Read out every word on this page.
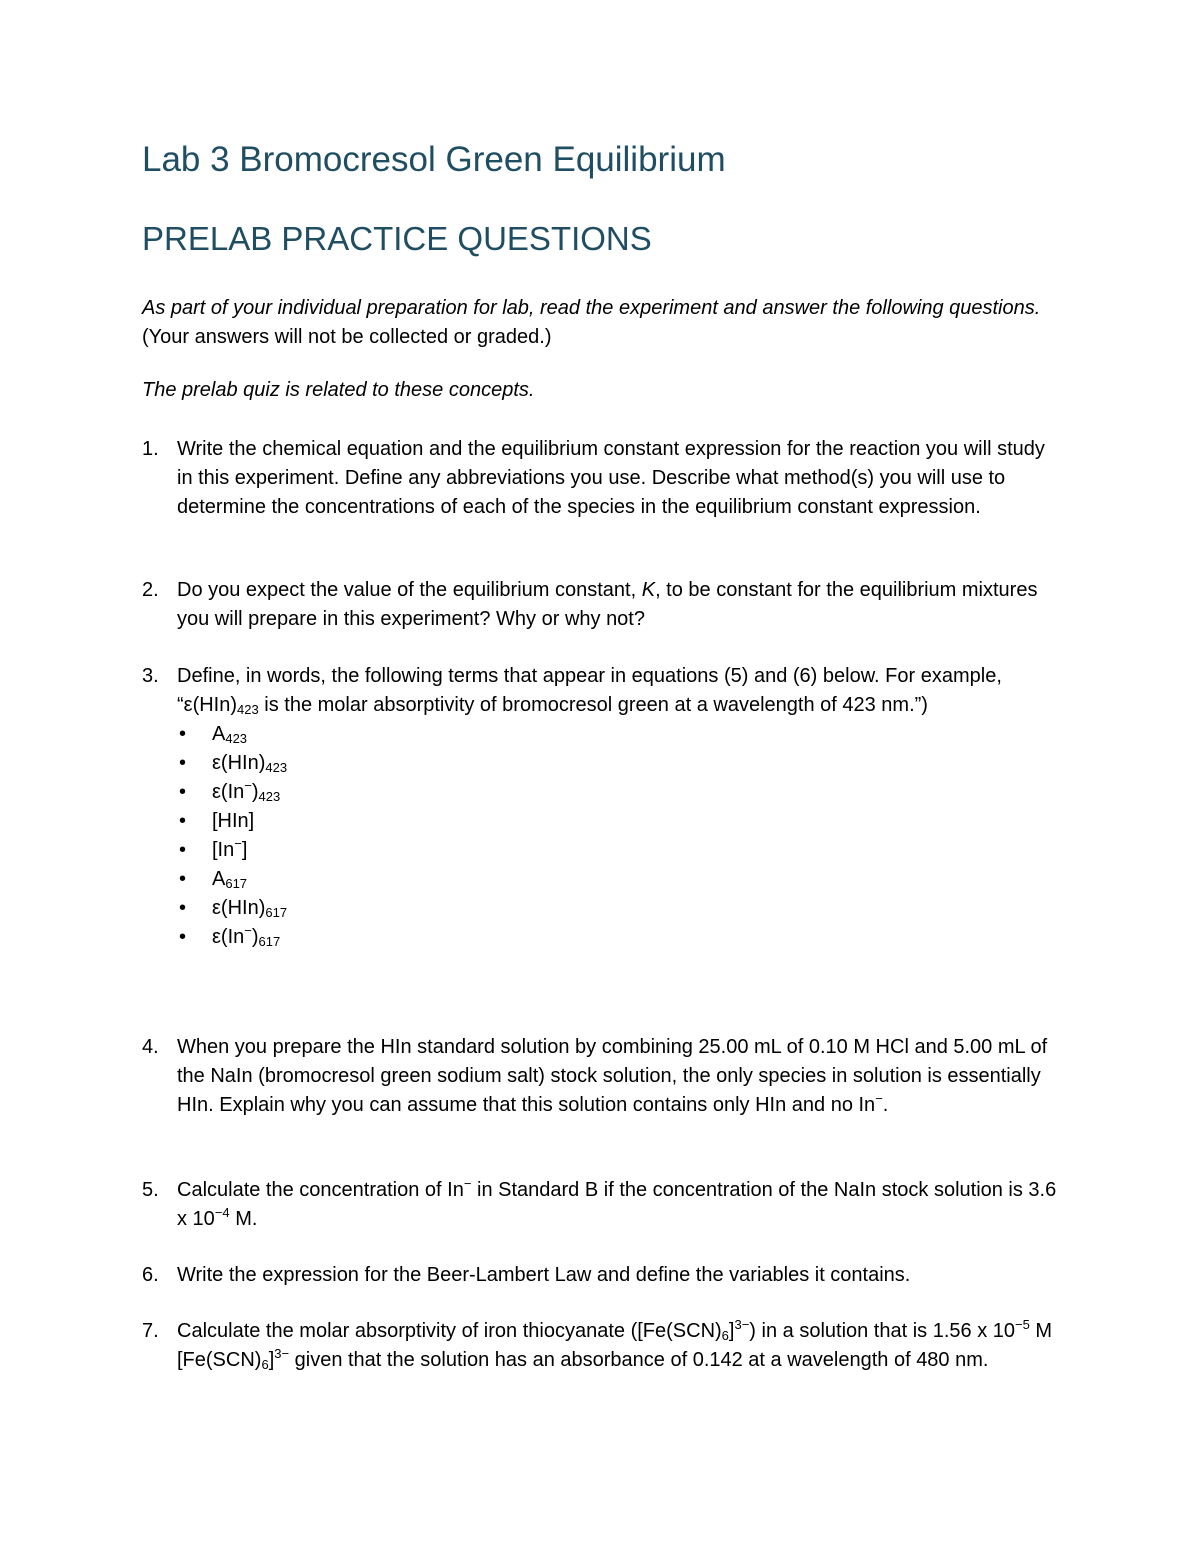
Lab 3 Bromocresol Green Equilibrium
PRELAB PRACTICE QUESTIONS
As part of your individual preparation for lab, read the experiment and answer the following questions. (Your answers will not be collected or graded.)
The prelab quiz is related to these concepts.
1. Write the chemical equation and the equilibrium constant expression for the reaction you will study in this experiment. Define any abbreviations you use. Describe what method(s) you will use to determine the concentrations of each of the species in the equilibrium constant expression.
2. Do you expect the value of the equilibrium constant, K, to be constant for the equilibrium mixtures you will prepare in this experiment? Why or why not?
3. Define, in words, the following terms that appear in equations (5) and (6) below. For example, “$\varepsilon(HIn)_{423}$ is the molar absorptivity of bromocresol green at a wavelength of 423 nm.”)
• $A_{423}$
• $\varepsilon(HIn)_{423}$
• $\varepsilon(In^-)_{423}$
• [HIn]
• [In−]
• $A_{617}$
• $\varepsilon(HIn)_{617}$
• $\varepsilon(In^-)_{617}$
4. When you prepare the HIn standard solution by combining 25.00 mL of 0.10 M HCl and 5.00 mL of the NaIn (bromocresol green sodium salt) stock solution, the only species in solution is essentially HIn. Explain why you can assume that this solution contains only HIn and no In−.
5. Calculate the concentration of In− in Standard B if the concentration of the NaIn stock solution is 3.6 x $10^{-4}$ M.
6. Write the expression for the Beer-Lambert Law and define the variables it contains.
7. Calculate the molar absorptivity of iron thiocyanate $([Fe(SCN)_6]^{3-})$ in a solution that is 1.56 x $10^{-5}$ M $[Fe(SCN)_6]^{3-}$ given that the solution has an absorbance of 0.142 at a wavelength of 480 nm.
